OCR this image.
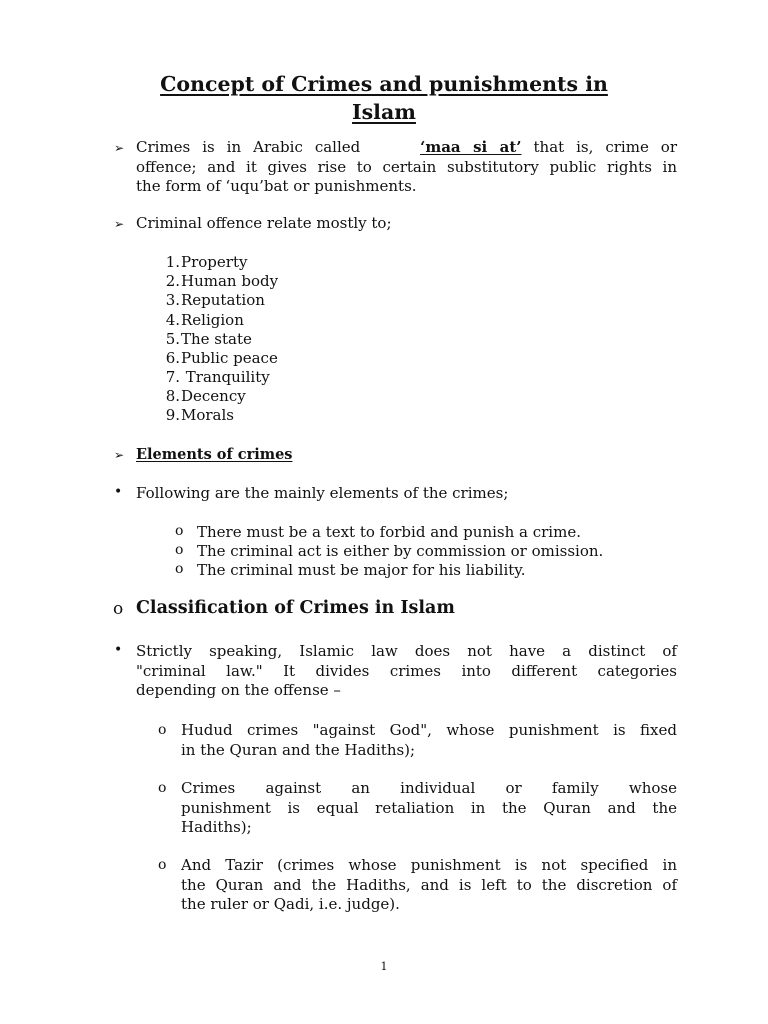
Concept of Crimes and punishments in
Islam
➢ Crimes is in Arabic called	‘maa si at’ that is, crime or
offence; and it gives rise to certain substitutory public rights in
the form of ‘uqu’bat or punishments.
➢ Criminal offence relate mostly to;
1. Property
2. Human body
3. Reputation
4. Religion
5. The state
6. Public peace
7. Tranquility
8. Decency
9. Morals
➢ Elements of crimes
• Following are the mainly elements of the crimes;
o There must be a text to forbid and punish a crime.
o The criminal act is either by commission or omission.
o The criminal must be major for his liability.
o Classification of Crimes in Islam
• Strictly speaking, Islamic law does not have a distinct of
"criminal law." It divides crimes into different categories
depending on the offense –
o Hudud crimes "against God", whose punishment is fixed
in the Quran and the Hadiths);
o Crimes against an individual or family whose
punishment is equal retaliation in the Quran and the
Hadiths);
o And Tazir (crimes whose punishment is not specified in
the Quran and the Hadiths, and is left to the discretion of
the ruler or Qadi, i.e. judge).
1
